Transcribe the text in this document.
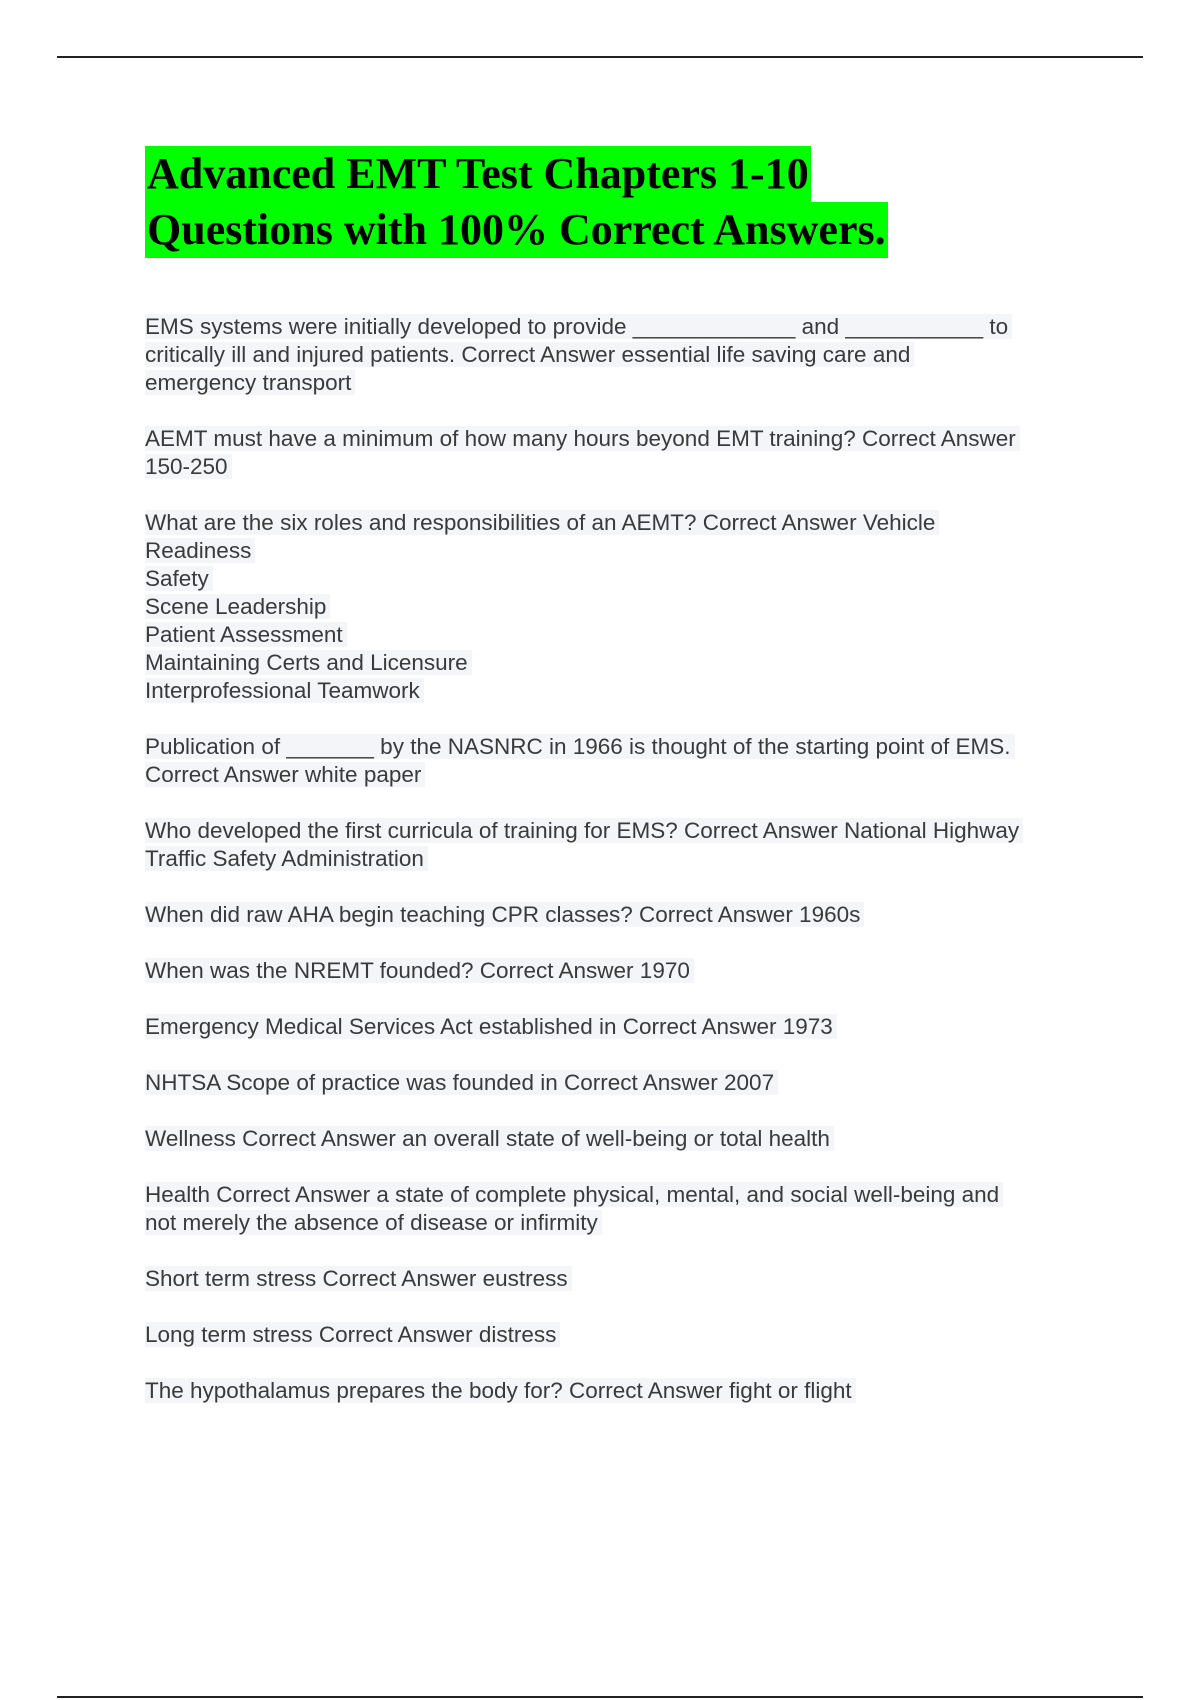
Advanced EMT Test Chapters 1-10
Questions with 100% Correct Answers.
EMS systems were initially developed to provide _____________ and ___________ to
critically ill and injured patients. Correct Answer essential life saving care and
emergency transport
AEMT must have a minimum of how many hours beyond EMT training? Correct Answer
150-250
What are the six roles and responsibilities of an AEMT? Correct Answer Vehicle
Readiness
Safety
Scene Leadership
Patient Assessment
Maintaining Certs and Licensure
Interprofessional Teamwork
Publication of _______ by the NASNRC in 1966 is thought of the starting point of EMS.
Correct Answer white paper
Who developed the first curricula of training for EMS? Correct Answer National Highway
Traffic Safety Administration
When did raw AHA begin teaching CPR classes? Correct Answer 1960s
When was the NREMT founded? Correct Answer 1970
Emergency Medical Services Act established in Correct Answer 1973
NHTSA Scope of practice was founded in Correct Answer 2007
Wellness Correct Answer an overall state of well-being or total health
Health Correct Answer a state of complete physical, mental, and social well-being and
not merely the absence of disease or infirmity
Short term stress Correct Answer eustress
Long term stress Correct Answer distress
The hypothalamus prepares the body for? Correct Answer fight or flight
